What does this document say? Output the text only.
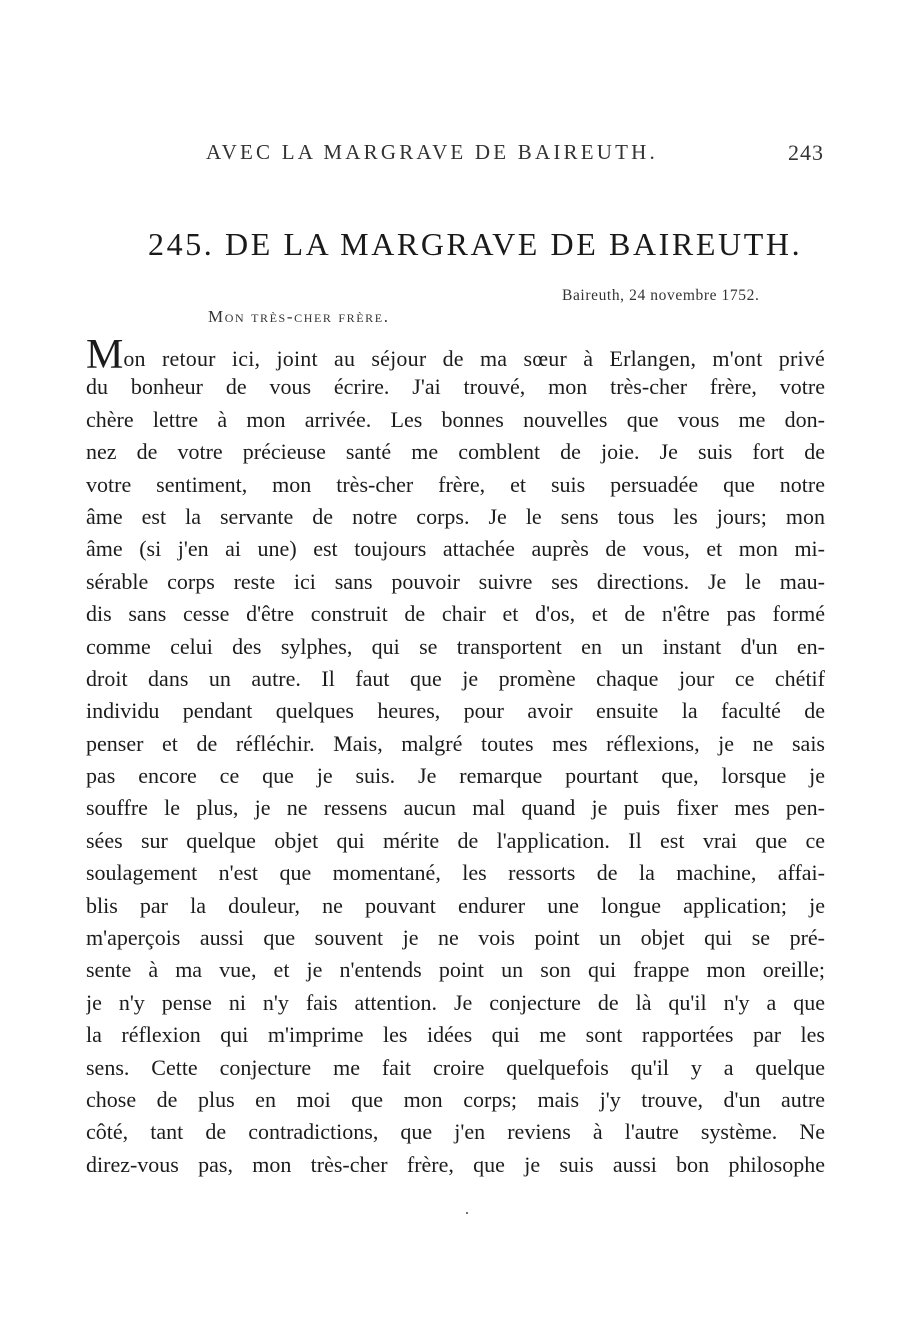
AVEC LA MARGRAVE DE BAIREUTH.	243
245. DE LA MARGRAVE DE BAIREUTH.
Baireuth, 24 novembre 1752.
Mon très-cher frère.
Mon retour ici, joint au séjour de ma sœur à Erlangen, m'ont privé
du bonheur de vous écrire. J'ai trouvé, mon très-cher frère, votre
chère lettre à mon arrivée. Les bonnes nouvelles que vous me don-
nez de votre précieuse santé me comblent de joie. Je suis fort de
votre sentiment, mon très-cher frère, et suis persuadée que notre
âme est la servante de notre corps. Je le sens tous les jours; mon
âme (si j'en ai une) est toujours attachée auprès de vous, et mon mi-
sérable corps reste ici sans pouvoir suivre ses directions. Je le mau-
dis sans cesse d'être construit de chair et d'os, et de n'être pas formé
comme celui des sylphes, qui se transportent en un instant d'un en-
droit dans un autre. Il faut que je promène chaque jour ce chétif
individu pendant quelques heures, pour avoir ensuite la faculté de
penser et de réfléchir. Mais, malgré toutes mes réflexions, je ne sais
pas encore ce que je suis. Je remarque pourtant que, lorsque je
souffre le plus, je ne ressens aucun mal quand je puis fixer mes pen-
sées sur quelque objet qui mérite de l'application. Il est vrai que ce
soulagement n'est que momentané, les ressorts de la machine, affai-
blis par la douleur, ne pouvant endurer une longue application; je
m'aperçois aussi que souvent je ne vois point un objet qui se pré-
sente à ma vue, et je n'entends point un son qui frappe mon oreille;
je n'y pense ni n'y fais attention. Je conjecture de là qu'il n'y a que
la réflexion qui m'imprime les idées qui me sont rapportées par les
sens. Cette conjecture me fait croire quelquefois qu'il y a quelque
chose de plus en moi que mon corps; mais j'y trouve, d'un autre
côté, tant de contradictions, que j'en reviens à l'autre système. Ne
direz-vous pas, mon très-cher frère, que je suis aussi bon philosophe
